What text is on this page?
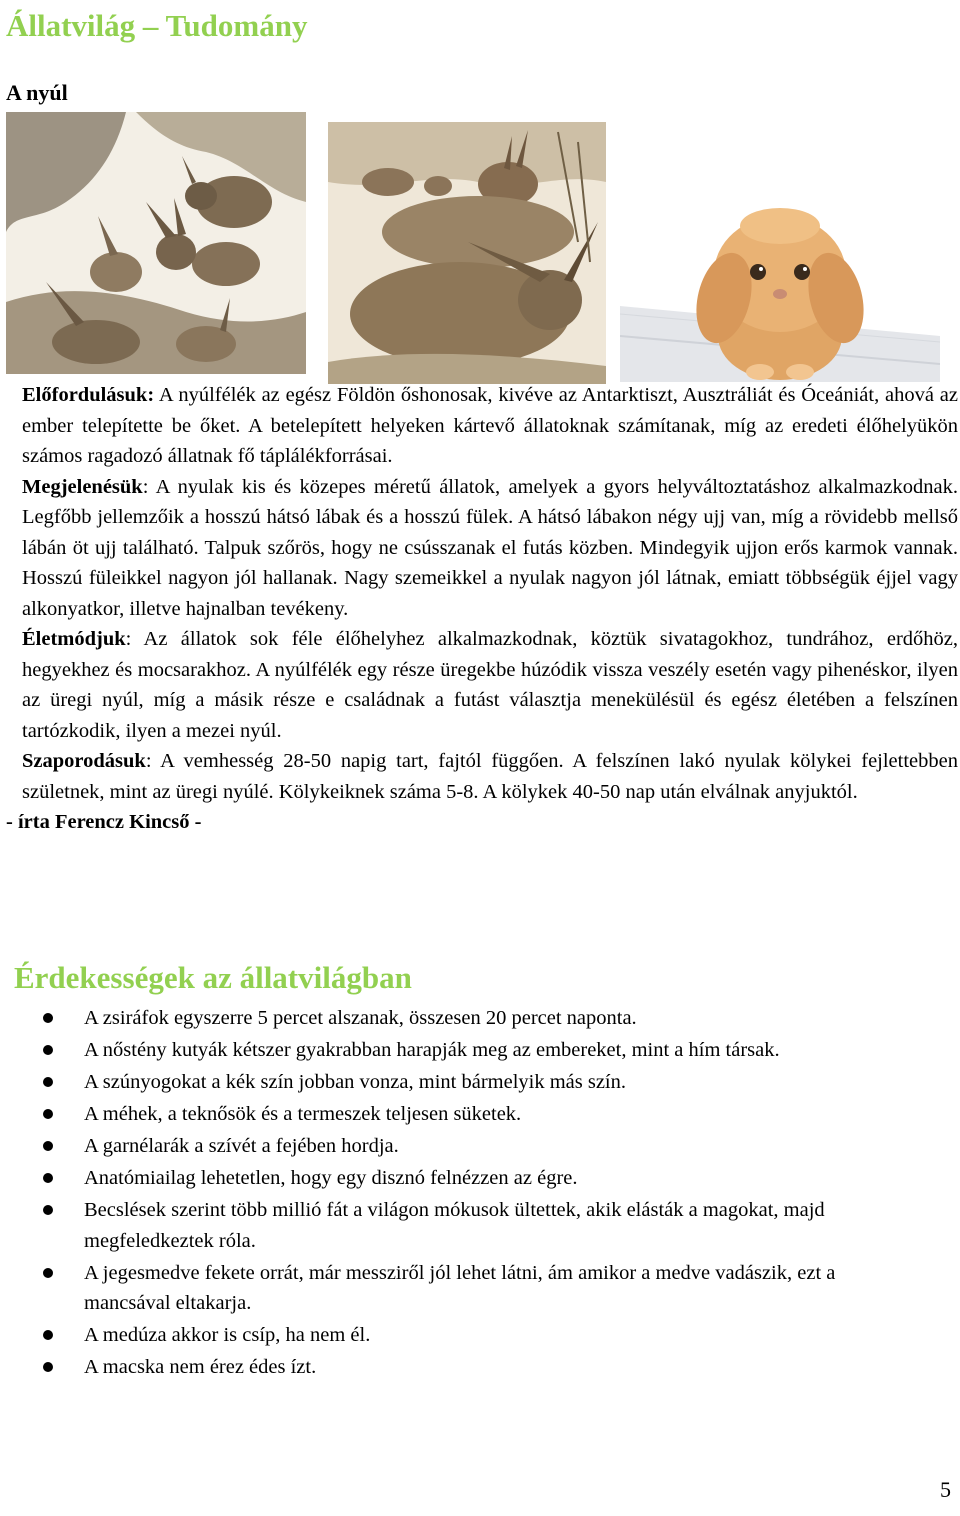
Állatvilág – Tudomány
A nyúl

Előfordulásuk: A nyúlfélék az egész Földön őshonosak, kivéve az Antarktiszt, Ausztráliát és Óceániát, ahová az ember telepítette be őket. A betelepített helyeken kártevő állatoknak számítanak, míg az eredeti élőhelyükön számos ragadozó állatnak fő táplálékforrásai.

Megjelenésük: A nyulak kis és közepes méretű állatok, amelyek a gyors helyváltoztatáshoz alkalmazkodnak. Legfőbb jellemzőik a hosszú hátsó lábak és a hosszú fülek. A hátsó lábakon négy ujj van, míg a rövidebb mellső lábán öt ujj található. Talpuk szőrös, hogy ne csússzanak el futás közben. Mindegyik ujjon erős karmok vannak. Hosszú füleikkel nagyon jól hallanak. Nagy szemeikkel a nyulak nagyon jól látnak, emiatt többségük éjjel vagy alkonyatkor, illetve hajnalban tevékeny.

Életmódjuk: Az állatok sok féle élőhelyhez alkalmazkodnak, köztük sivatagokhoz, tundrához, erdőhöz, hegyekhez és mocsarakhoz. A nyúlfélék egy része üregekbe húzódik vissza veszély esetén vagy pihenéskor, ilyen az üregi nyúl, míg a másik része e családnak a futást választja menekülésül és egész életében a felszínen tartózkodik, ilyen a mezei nyúl.

Szaporodásuk: A vemhesség 28-50 napig tart, fajtól függően. A felszínen lakó nyulak kölykei fejlettebben születnek, mint az üregi nyúlé. Kölykeiknek száma 5-8. A kölykek 40-50 nap után elválnak anyjuktól.

- írta Ferencz Kincső -

Érdekességek az állatvilágban
A zsiráfok egyszerre 5 percet alszanak, összesen 20 percet naponta.
A nőstény kutyák kétszer gyakrabban harapják meg az embereket, mint a hím társak.
A szúnyogokat a kék szín jobban vonza, mint bármelyik más szín.
A méhek, a teknősök és a termeszek teljesen süketek.
A garnélarák a szívét a fejében hordja.
Anatómiailag lehetetlen, hogy egy disznó felnézzen az égre.
Becslések szerint több millió fát a világon mókusok ültettek, akik elásták a magokat, majd megfeledkeztek róla.
A jegesmedve fekete orrát, már messziről jól lehet látni, ám amikor a medve vadászik, ezt a mancsával eltakarja.
A medúza akkor is csíp, ha nem él.
A macska nem érez édes ízt.
5
